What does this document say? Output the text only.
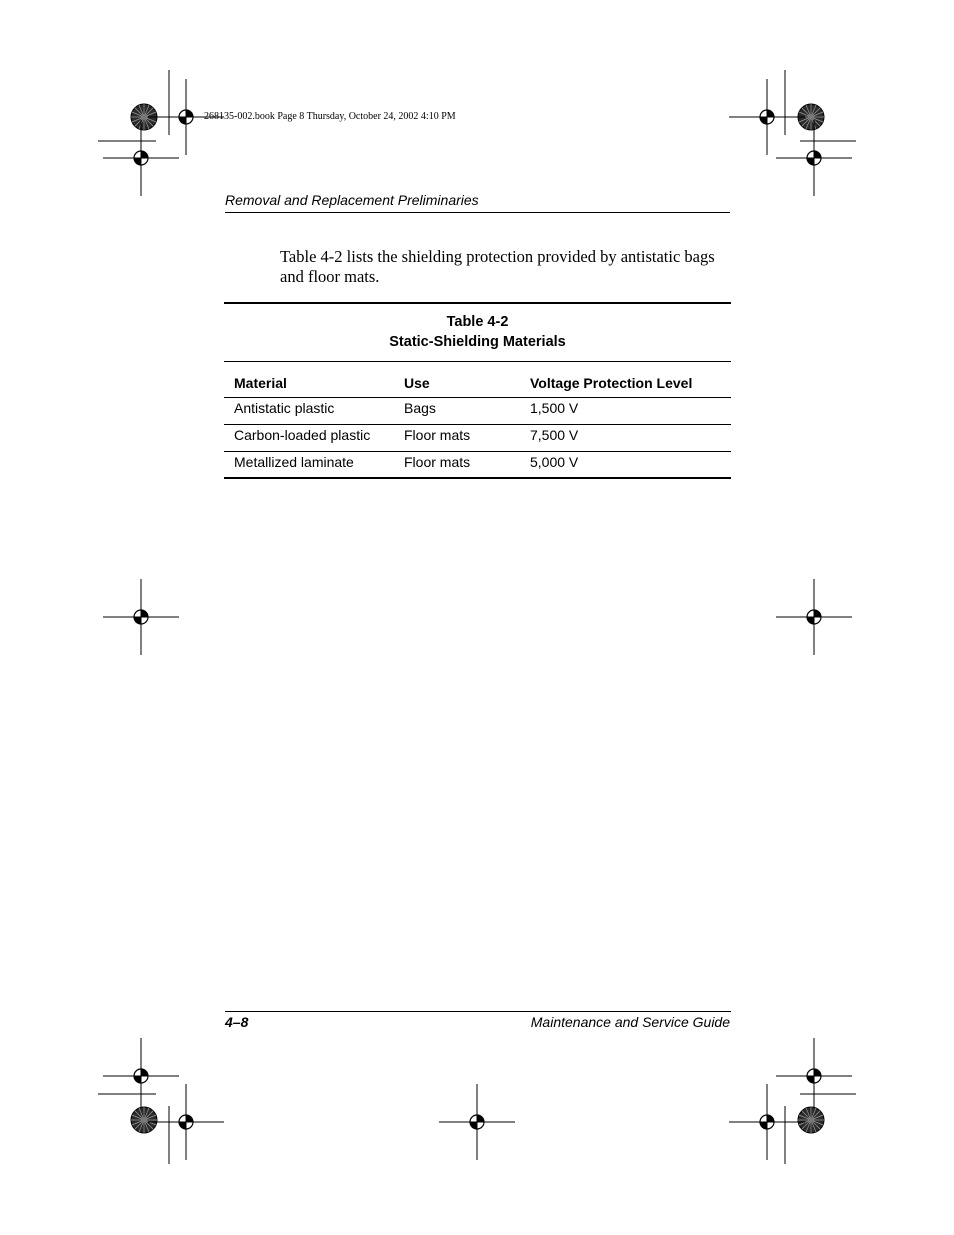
268135-002.book Page 8 Thursday, October 24, 2002 4:10 PM
Removal and Replacement Preliminaries

Table 4-2 lists the shielding protection provided by antistatic bags and floor mats.

Table 4-2
Static-Shielding Materials
Material	Use	Voltage Protection Level
Antistatic plastic	Bags	1,500 V
Carbon-loaded plastic	Floor mats	7,500 V
Metallized laminate	Floor mats	5,000 V
4–8	Maintenance and Service Guide
